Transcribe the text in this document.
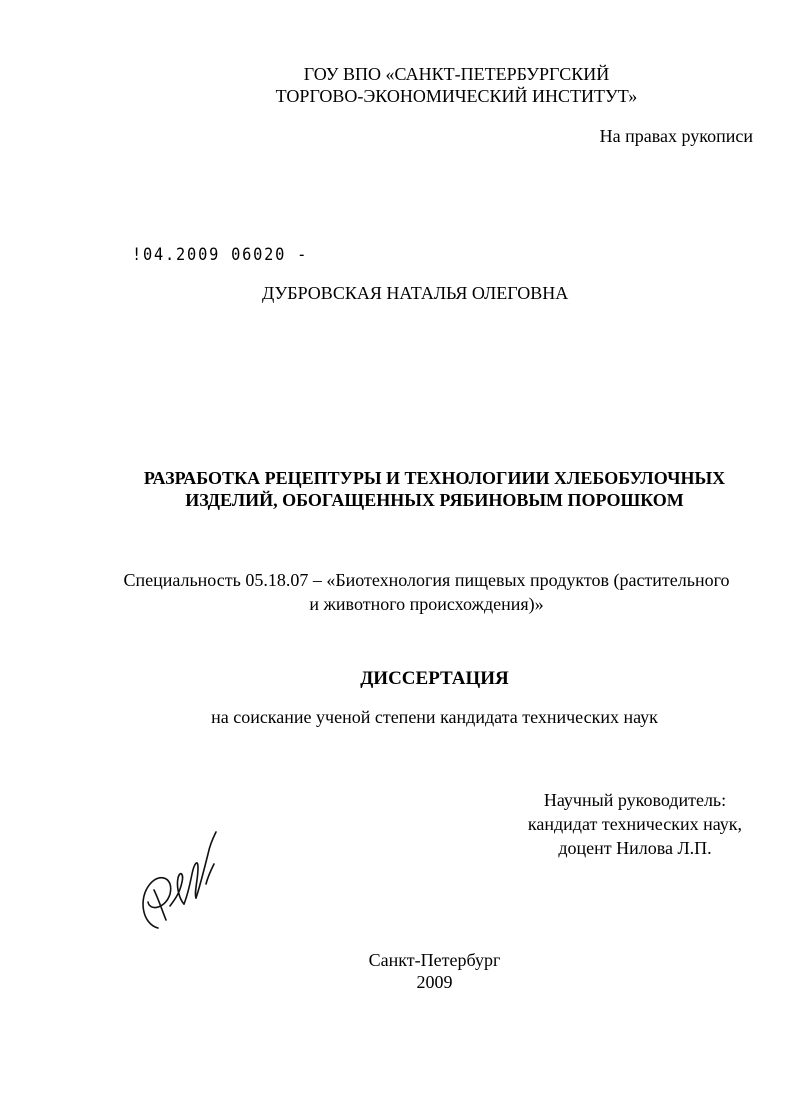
ГОУ ВПО «САНКТ-ПЕТЕРБУРГСКИЙ
ТОРГОВО-ЭКОНОМИЧЕСКИЙ ИНСТИТУТ»
На правах рукописи
!04.2009 06020 -
ДУБРОВСКАЯ НАТАЛЬЯ ОЛЕГОВНА
РАЗРАБОТКА РЕЦЕПТУРЫ И ТЕХНОЛОГИИИ ХЛЕБОБУЛОЧНЫХ
ИЗДЕЛИЙ, ОБОГАЩЕННЫХ РЯБИНОВЫМ ПОРОШКОМ
Специальность 05.18.07 – «Биотехнология пищевых продуктов (растительного
и животного происхождения)»
ДИССЕРТАЦИЯ
на соискание ученой степени кандидата технических наук
Научный руководитель:
кандидат технических наук,
доцент Нилова Л.П.
Санкт-Петербург
2009
